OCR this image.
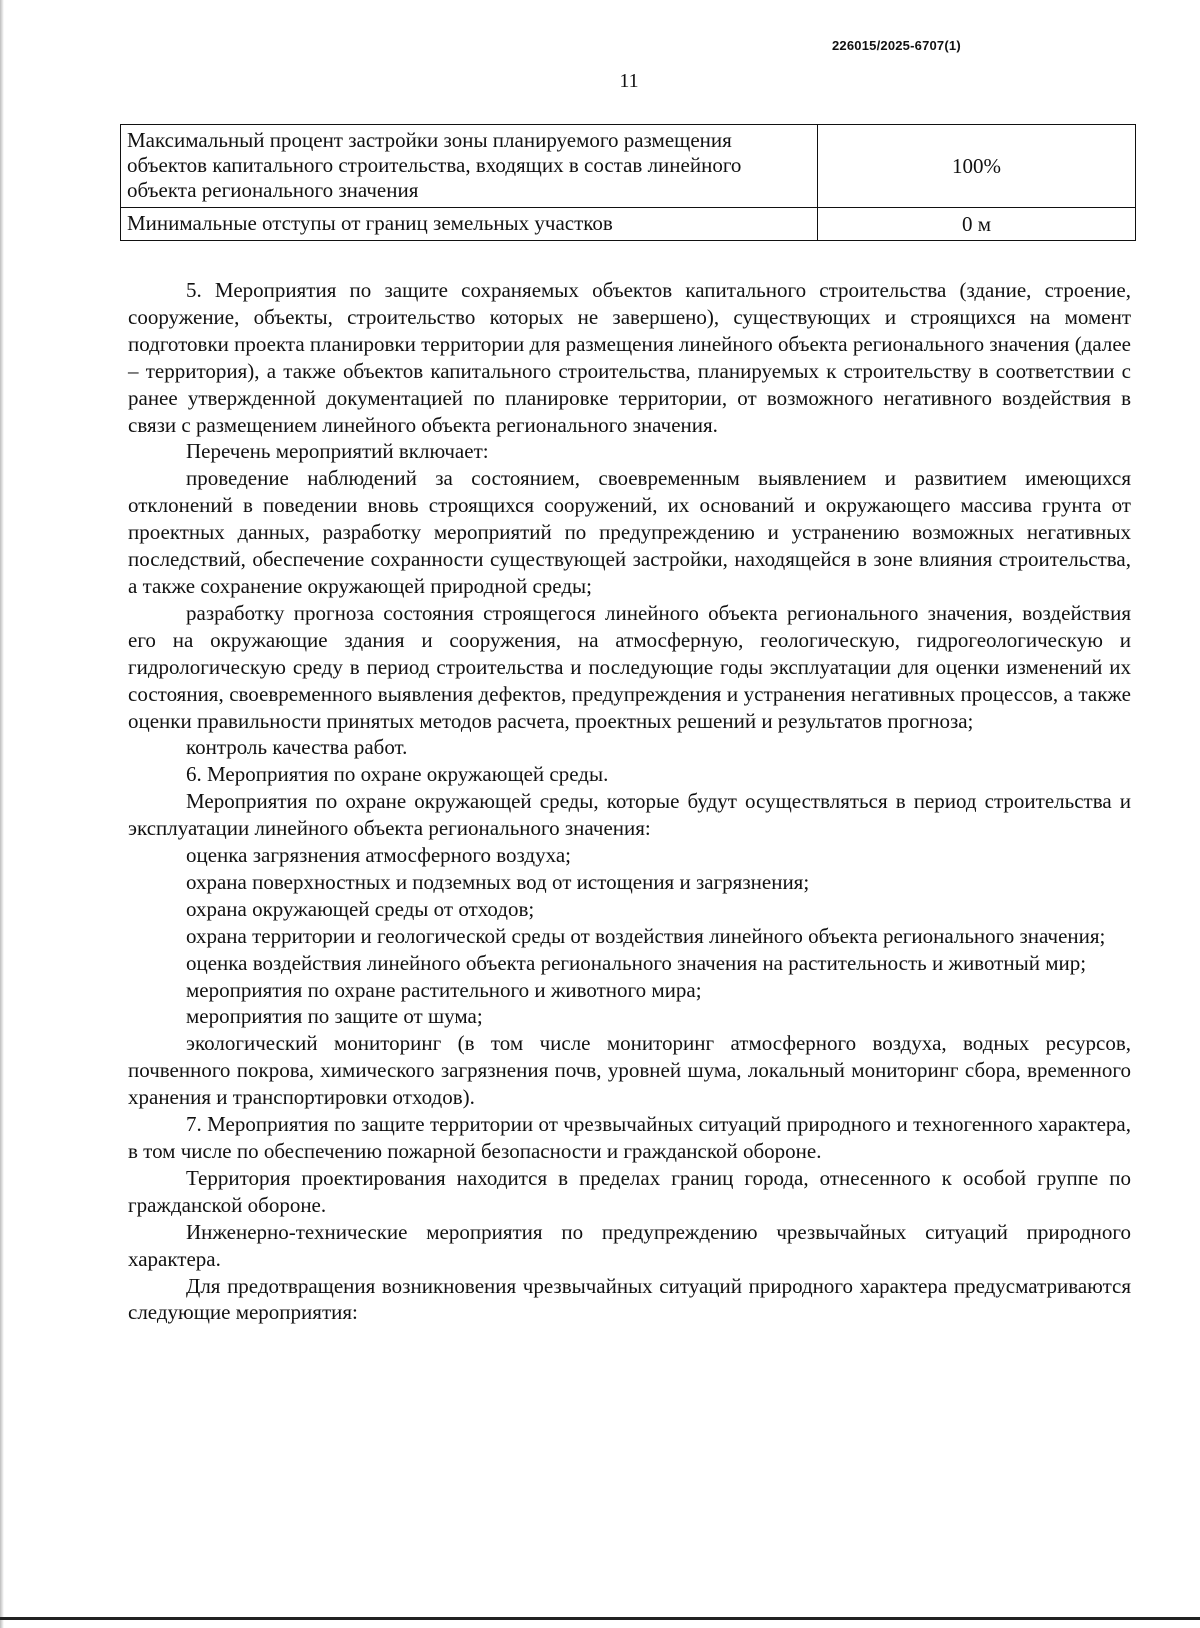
226015/2025-6707(1)
11
Максимальный процент застройки зоны планируемого размещения объектов капитального строительства, входящих в состав линейного объекта регионального значения	100%
Минимальные отступы от границ земельных участков	0 м

5. Мероприятия по защите сохраняемых объектов капитального строительства (здание, строение, сооружение, объекты, строительство которых не завершено), существующих и строящихся на момент подготовки проекта планировки территории для размещения линейного объекта регионального значения (далее – территория), а также объектов капитального строительства, планируемых к строительству в соответствии с ранее утвержденной документацией по планировке территории, от возможного негативного воздействия в связи с размещением линейного объекта регионального значения.

Перечень мероприятий включает:

проведение наблюдений за состоянием, своевременным выявлением и развитием имеющихся отклонений в поведении вновь строящихся сооружений, их оснований и окружающего массива грунта от проектных данных, разработку мероприятий по предупреждению и устранению возможных негативных последствий, обеспечение сохранности существующей застройки, находящейся в зоне влияния строительства, а также сохранение окружающей природной среды;

разработку прогноза состояния строящегося линейного объекта регионального значения, воздействия его на окружающие здания и сооружения, на атмосферную, геологическую, гидрогеологическую и гидрологическую среду в период строительства и последующие годы эксплуатации для оценки изменений их состояния, своевременного выявления дефектов, предупреждения и устранения негативных процессов, а также оценки правильности принятых методов расчета, проектных решений и результатов прогноза;

контроль качества работ.

6. Мероприятия по охране окружающей среды.

Мероприятия по охране окружающей среды, которые будут осуществляться в период строительства и эксплуатации линейного объекта регионального значения:

оценка загрязнения атмосферного воздуха;

охрана поверхностных и подземных вод от истощения и загрязнения;

охрана окружающей среды от отходов;

охрана территории и геологической среды от воздействия линейного объекта регионального значения;

оценка воздействия линейного объекта регионального значения на растительность и животный мир;

мероприятия по охране растительного и животного мира;

мероприятия по защите от шума;

экологический мониторинг (в том числе мониторинг атмосферного воздуха, водных ресурсов, почвенного покрова, химического загрязнения почв, уровней шума, локальный мониторинг сбора, временного хранения и транспортировки отходов).

7. Мероприятия по защите территории от чрезвычайных ситуаций природного и техногенного характера, в том числе по обеспечению пожарной безопасности и гражданской обороне.

Территория проектирования находится в пределах границ города, отнесенного к особой группе по гражданской обороне.

Инженерно-технические мероприятия по предупреждению чрезвычайных ситуаций природного характера.

Для предотвращения возникновения чрезвычайных ситуаций природного характера предусматриваются следующие мероприятия:
